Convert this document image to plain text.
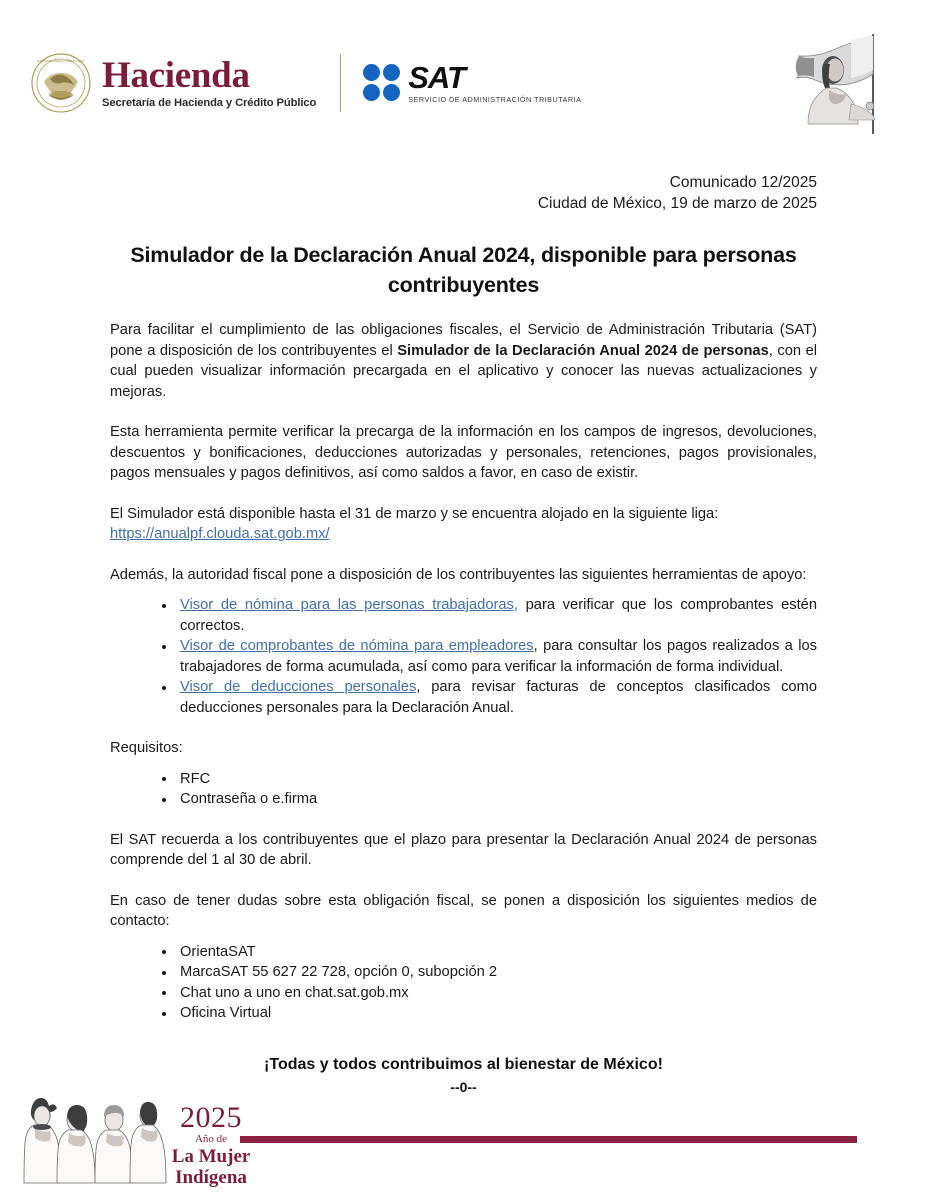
ESTADOS UNIDOS MEXICANOS Hacienda
Secretaría de Hacienda y Crédito Público
SAT
SERVICIO DE ADMINISTRACIÓN TRIBUTARIA
Comunicado 12/2025
Ciudad de México, 19 de marzo de 2025
Simulador de la Declaración Anual 2024, disponible para personas contribuyentes

Para facilitar el cumplimiento de las obligaciones fiscales, el Servicio de Administración Tributaria (SAT) pone a disposición de los contribuyentes el Simulador de la Declaración Anual 2024 de personas, con el cual pueden visualizar información precargada en el aplicativo y conocer las nuevas actualizaciones y mejoras.

Esta herramienta permite verificar la precarga de la información en los campos de ingresos, devoluciones, descuentos y bonificaciones, deducciones autorizadas y personales, retenciones, pagos provisionales, pagos mensuales y pagos definitivos, así como saldos a favor, en caso de existir.

El Simulador está disponible hasta el 31 de marzo y se encuentra alojado en la siguiente liga:
https://anualpf.clouda.sat.gob.mx/

Además, la autoridad fiscal pone a disposición de los contribuyentes las siguientes herramientas de apoyo:

Visor de nómina para las personas trabajadoras, para verificar que los comprobantes estén correctos.
Visor de comprobantes de nómina para empleadores, para consultar los pagos realizados a los trabajadores de forma acumulada, así como para verificar la información de forma individual.
Visor de deducciones personales, para revisar facturas de conceptos clasificados como deducciones personales para la Declaración Anual.

Requisitos:

RFC
Contraseña o e.firma

El SAT recuerda a los contribuyentes que el plazo para presentar la Declaración Anual 2024 de personas comprende del 1 al 30 de abril.

En caso de tener dudas sobre esta obligación fiscal, se ponen a disposición los siguientes medios de contacto:

OrientaSAT
MarcaSAT 55 627 22 728, opción 0, subopción 2
Chat uno a uno en chat.sat.gob.mx
Oficina Virtual
¡Todas y todos contribuimos al bienestar de México!
--0--
2025
Año de
La Mujer
Indígena
